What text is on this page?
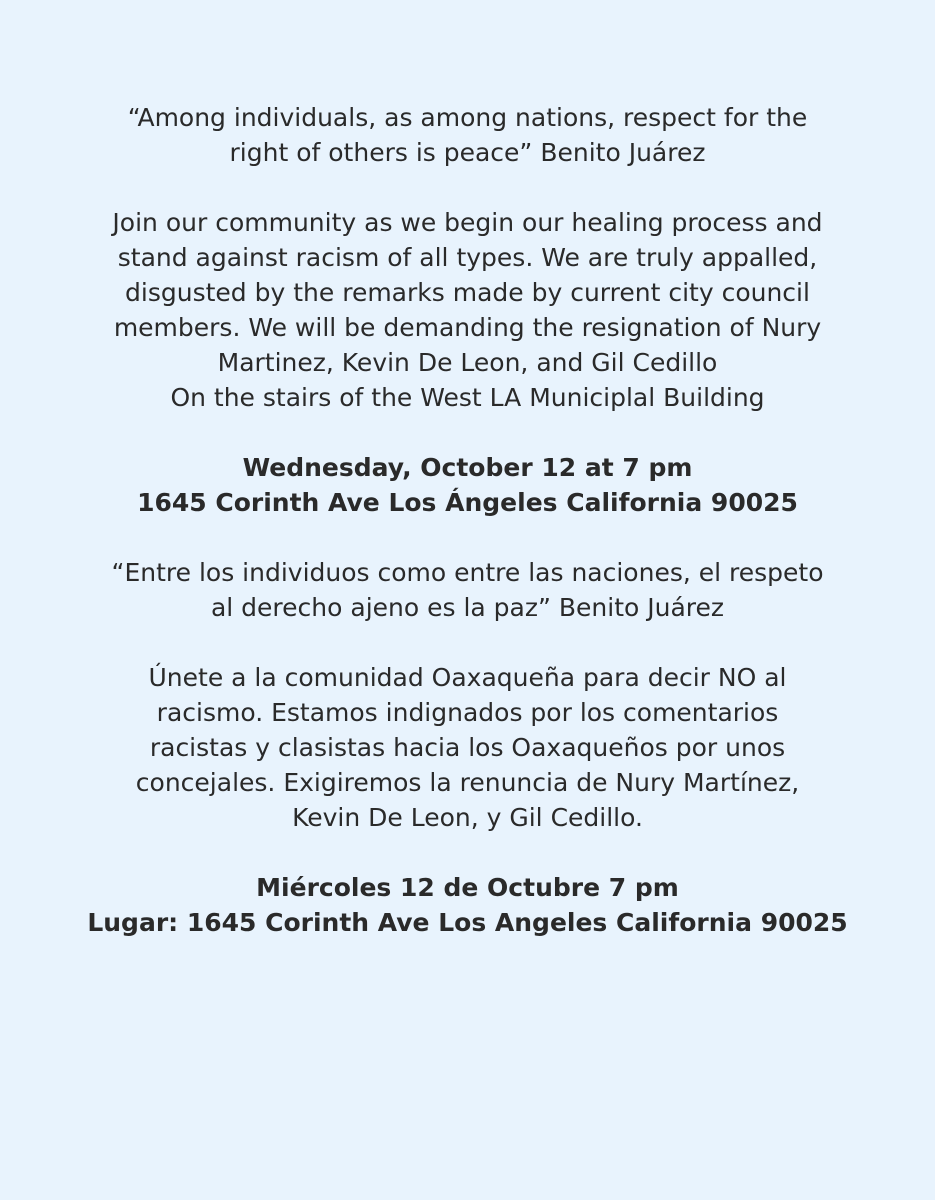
“Among individuals, as among nations, respect for the
right of others is peace” Benito Juárez
Join our community as we begin our healing process and
stand against racism of all types. We are truly appalled,
disgusted by the remarks made by current city council
members. We will be demanding the resignation of Nury
Martinez, Kevin De Leon, and Gil Cedillo
On the stairs of the West LA Municiplal Building
Wednesday, October 12 at 7 pm
1645 Corinth Ave Los Ángeles California 90025
“Entre los individuos como entre las naciones, el respeto
al derecho ajeno es la paz” Benito Juárez
Únete a la comunidad Oaxaqueña para decir NO al
racismo. Estamos indignados por los comentarios
racistas y clasistas hacia los Oaxaqueños por unos
concejales. Exigiremos la renuncia de Nury Martínez,
Kevin De Leon, y Gil Cedillo.
Miércoles 12 de Octubre 7 pm
Lugar: 1645 Corinth Ave Los Angeles California 90025
